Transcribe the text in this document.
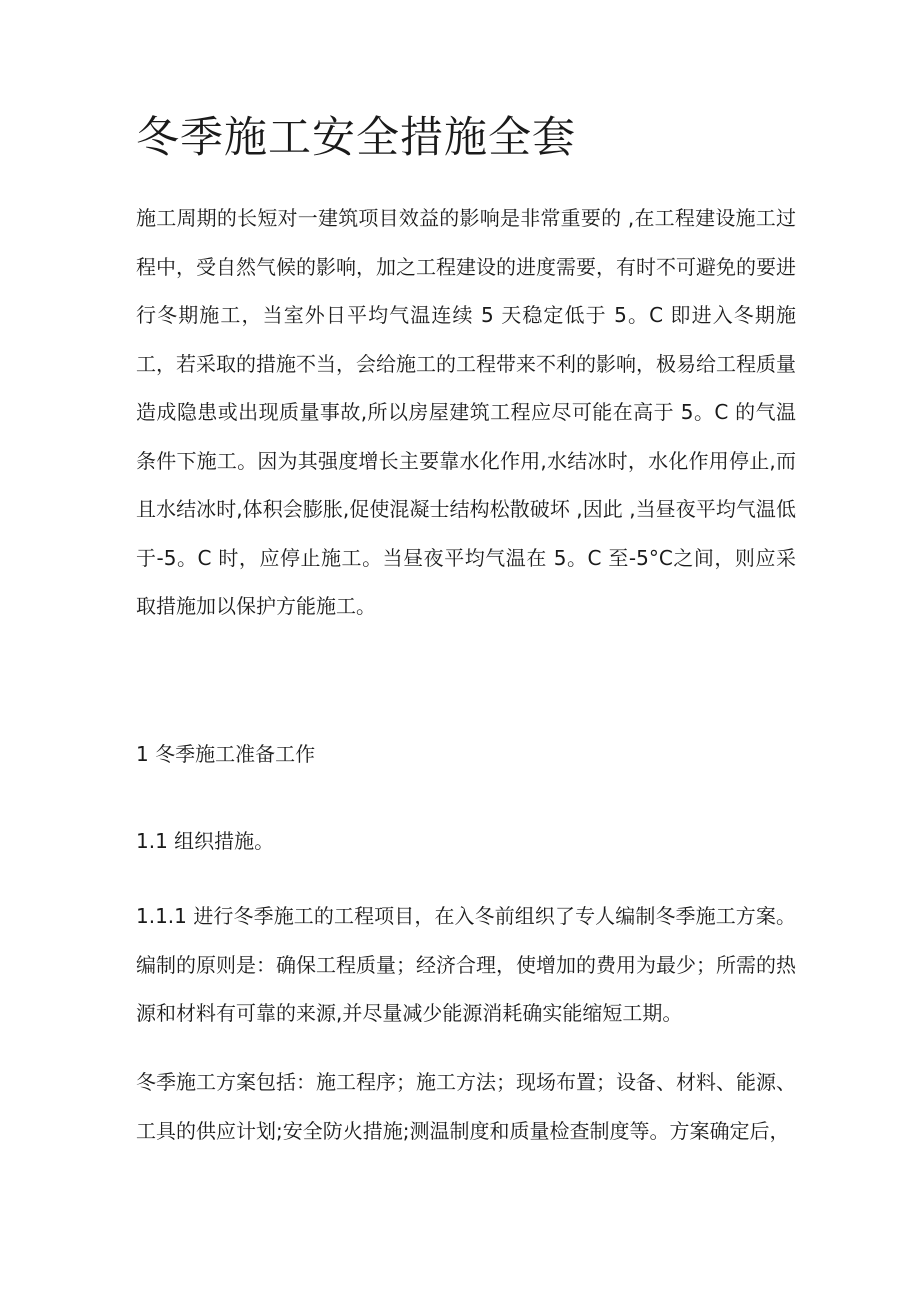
冬季施工安全措施全套

施工周期的长短对一建筑项目效益的影响是非常重要的 ,在工程建设施工过程中，受自然气候的影响，加之工程建设的进度需要，有时不可避免的要进行冬期施工，当室外日平均气温连续 5 天稳定低于 5。C 即进入冬期施工，若采取的措施不当，会给施工的工程带来不利的影响，极易给工程质量造成隐患或出现质量事故,所以房屋建筑工程应尽可能在高于 5。C 的气温条件下施工。因为其强度增长主要靠水化作用,水结冰时，水化作用停止,而且水结冰时,体积会膨胀,促使混凝士结构松散破坏 ,因此 ,当昼夜平均气温低于-5。C 时，应停止施工。当昼夜平均气温在 5。C 至-5°C之间，则应采取措施加以保护方能施工。

1 冬季施工准备工作

1.1 组织措施。

1.1.1 进行冬季施工的工程项目，在入冬前组织了专人编制冬季施工方案。编制的原则是：确保工程质量；经济合理，使增加的费用为最少；所需的热源和材料有可靠的来源,并尽量减少能源消耗确实能缩短工期。

冬季施工方案包括：施工程序；施工方法；现场布置；设备、材料、能源、工具的供应计划;安全防火措施;测温制度和质量检查制度等。方案确定后，
